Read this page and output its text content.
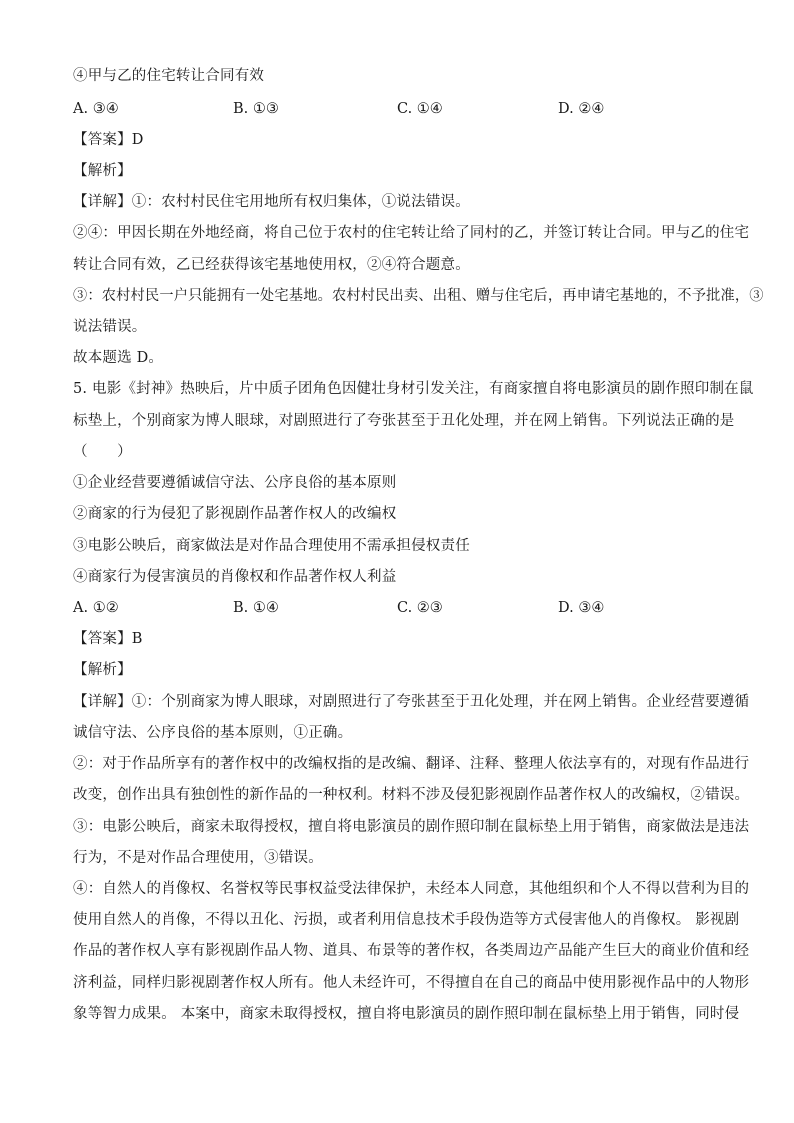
④甲与乙的住宅转让合同有效
A. ③④	B. ①③	C. ①④	D. ②④
【答案】D
【解析】
【详解】①：农村村民住宅用地所有权归集体，①说法错误。
②④：甲因长期在外地经商，将自己位于农村的住宅转让给了同村的乙，并签订转让合同。甲与乙的住宅
转让合同有效，乙已经获得该宅基地使用权，②④符合题意。
③：农村村民一户只能拥有一处宅基地。农村村民出卖、出租、赠与住宅后，再申请宅基地的，不予批准，③
说法错误。
故本题选 D。
5. 电影《封神》热映后，片中质子团角色因健壮身材引发关注，有商家擅自将电影演员的剧作照印制在鼠
标垫上，个别商家为博人眼球，对剧照进行了夸张甚至于丑化处理，并在网上销售。下列说法正确的是
（　　）
①企业经营要遵循诚信守法、公序良俗的基本原则
②商家的行为侵犯了影视剧作品著作权人的改编权
③电影公映后，商家做法是对作品合理使用不需承担侵权责任
④商家行为侵害演员的肖像权和作品著作权人利益
A. ①②	B. ①④	C. ②③	D. ③④
【答案】B
【解析】
【详解】①：个别商家为博人眼球，对剧照进行了夸张甚至于丑化处理，并在网上销售。企业经营要遵循
诚信守法、公序良俗的基本原则，①正确。
②：对于作品所享有的著作权中的改编权指的是改编、翻译、注释、整理人依法享有的，对现有作品进行
改变，创作出具有独创性的新作品的一种权利。材料不涉及侵犯影视剧作品著作权人的改编权，②错误。
③：电影公映后，商家未取得授权，擅自将电影演员的剧作照印制在鼠标垫上用于销售，商家做法是违法
行为，不是对作品合理使用，③错误。
④：自然人的肖像权、名誉权等民事权益受法律保护，未经本人同意，其他组织和个人不得以营利为目的
使用自然人的肖像，不得以丑化、污损，或者利用信息技术手段伪造等方式侵害他人的肖像权。 影视剧
作品的著作权人享有影视剧作品人物、道具、布景等的著作权，各类周边产品能产生巨大的商业价值和经
济利益，同样归影视剧著作权人所有。他人未经许可，不得擅自在自己的商品中使用影视作品中的人物形
象等智力成果。 本案中，商家未取得授权，擅自将电影演员的剧作照印制在鼠标垫上用于销售，同时侵
